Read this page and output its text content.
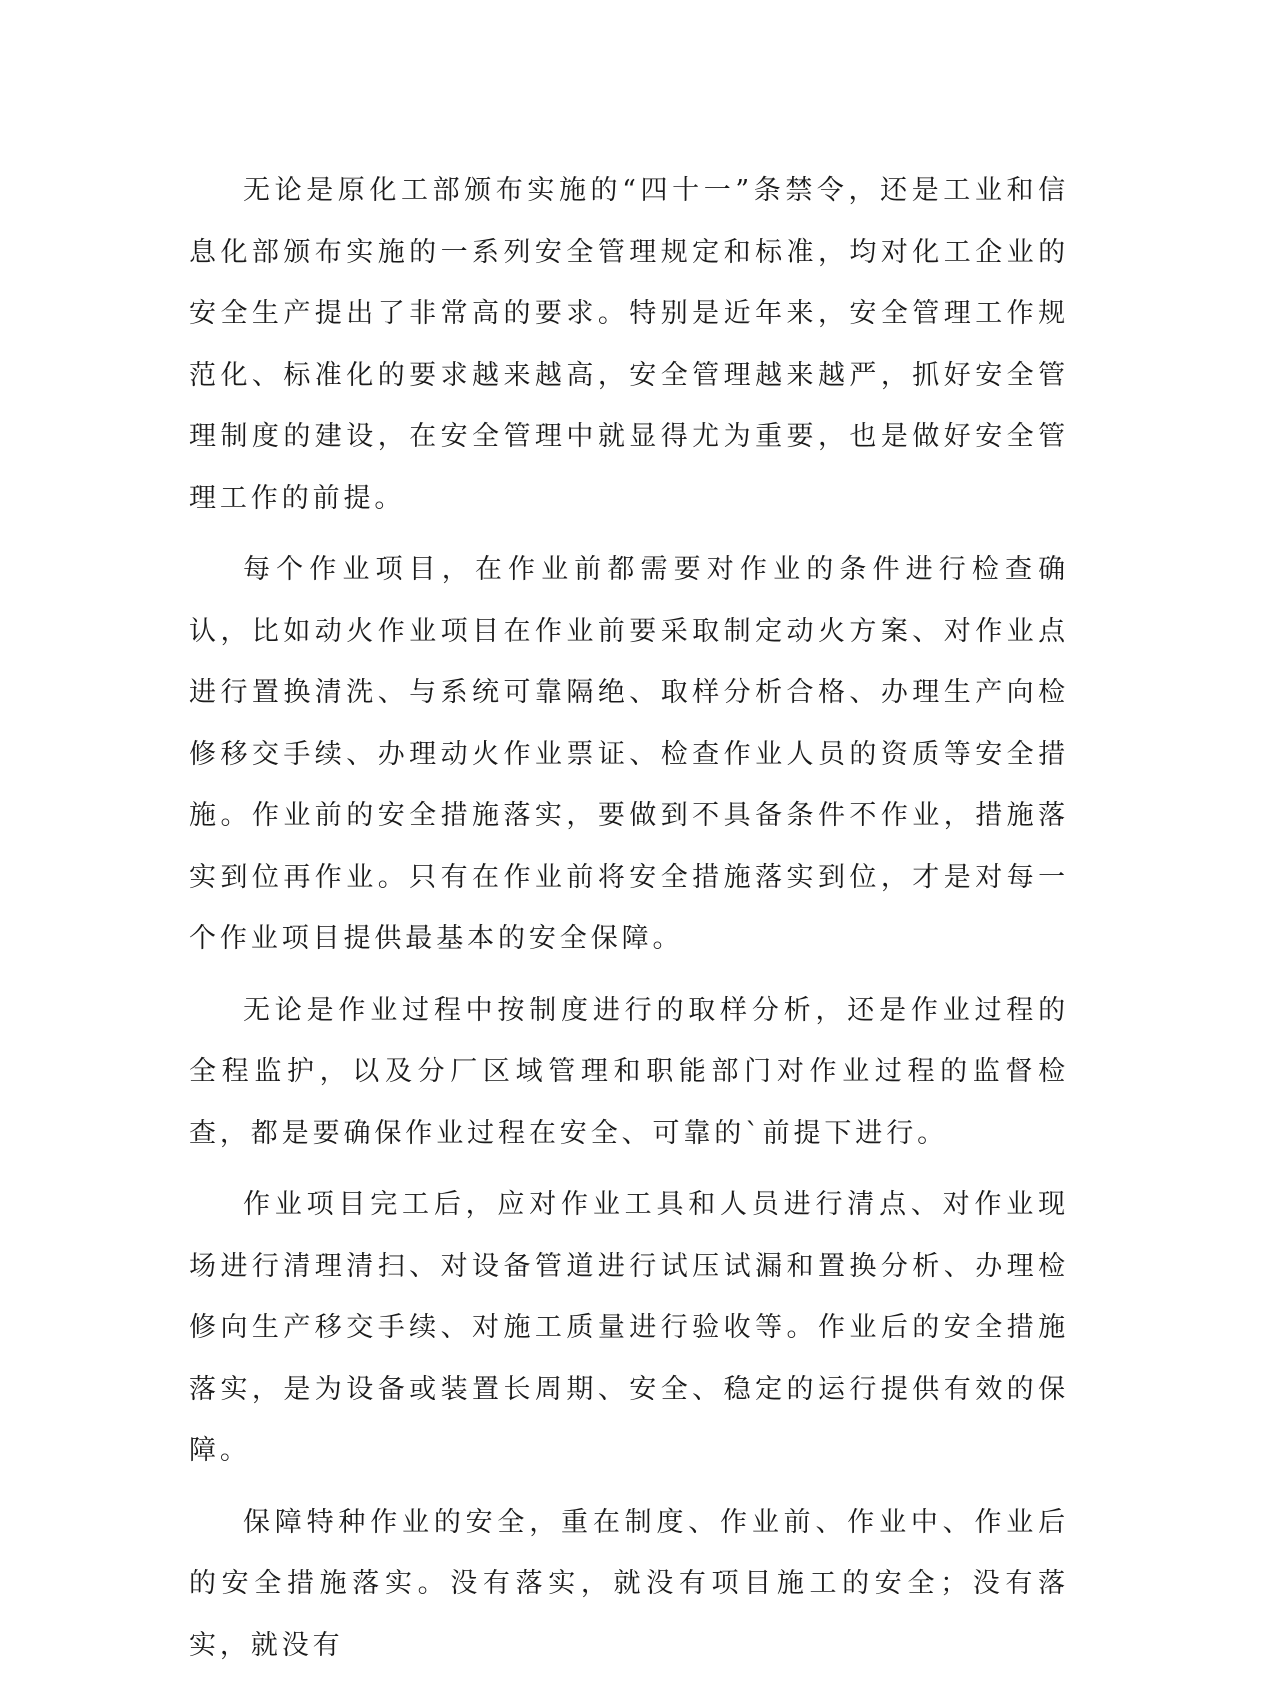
无论是原化工部颁布实施的“四十一”条禁令，还是工业和信息化部颁布实施的一系列安全管理规定和标准，均对化工企业的安全生产提出了非常高的要求。特别是近年来，安全管理工作规范化、标准化的要求越来越高，安全管理越来越严，抓好安全管理制度的建设，在安全管理中就显得尤为重要，也是做好安全管理工作的前提。

每个作业项目，在作业前都需要对作业的条件进行检查确认，比如动火作业项目在作业前要采取制定动火方案、对作业点进行置换清洗、与系统可靠隔绝、取样分析合格、办理生产向检修移交手续、办理动火作业票证、检查作业人员的资质等安全措施。作业前的安全措施落实，要做到不具备条件不作业，措施落实到位再作业。只有在作业前将安全措施落实到位，才是对每一个作业项目提供最基本的安全保障。

无论是作业过程中按制度进行的取样分析，还是作业过程的全程监护，以及分厂区域管理和职能部门对作业过程的监督检查，都是要确保作业过程在安全、可靠的`前提下进行。

作业项目完工后，应对作业工具和人员进行清点、对作业现场进行清理清扫、对设备管道进行试压试漏和置换分析、办理检修向生产移交手续、对施工质量进行验收等。作业后的安全措施落实，是为设备或装置长周期、安全、稳定的运行提供有效的保障。

保障特种作业的安全，重在制度、作业前、作业中、作业后的安全措施落实。没有落实，就没有项目施工的安全；没有落实，就没有
